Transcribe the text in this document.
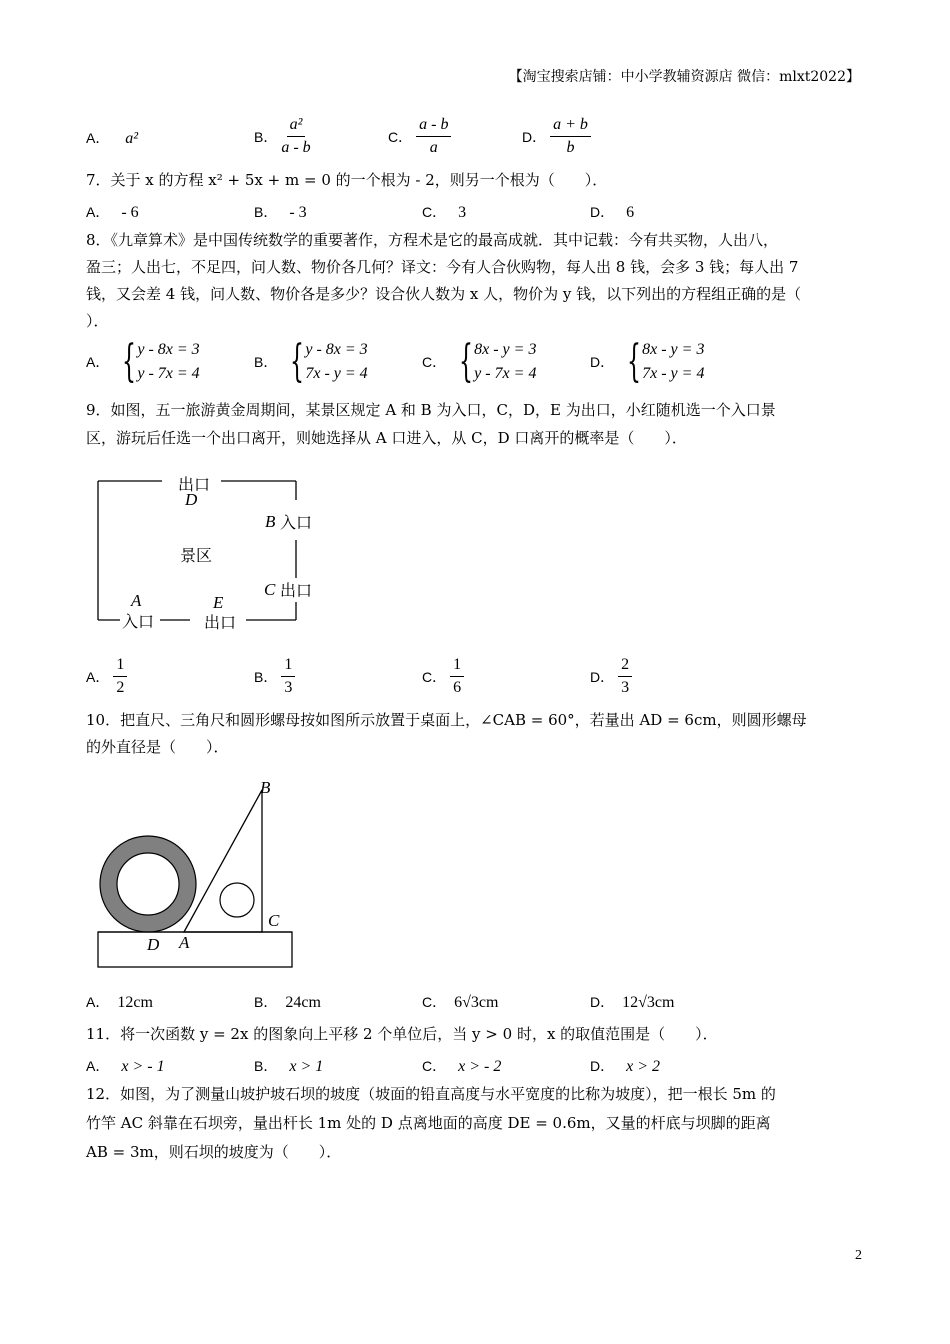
【淘宝搜索店铺：中小学教辅资源店 微信：mlxt2022】
A． a²	B． $\frac{\text{a²}}{a - b}$	C． $\frac{a - b}{a}$	D． $\frac{a + b}{b}$
7．关于 x 的方程 x² + 5x + m = 0 的一个根为 - 2，则另一个根为（　　）．
A． - 6	B． - 3	C． 3	D． 6
8．《九章算术》是中国传统数学的重要著作，方程术是它的最高成就．其中记载：今有共买物，人出八，
盈三；人出七，不足四，问人数、物价各几何？译文：今有人合伙购物，每人出 8 钱，会多 3 钱；每人出 7
钱，又会差 4 钱，问人数、物价各是多少？设合伙人数为 x 人，物价为 y 钱，以下列出的方程组正确的是（
）．
A． { y - 8x = 3
y - 7x = 4
B． { y - 8x = 3
7x - y = 4
C． { 8x - y = 3
y - 7x = 4
D． { 8x - y = 3
7x - y = 4
9．如图，五一旅游黄金周期间，某景区规定 A 和 B 为入口，C，D，E 为出口，小红随机选一个入口景
区，游玩后任选一个出口离开，则她选择从 A 口进入，从 C，D 口离开的概率是（　　）．
出口
D
B 入口
景区
C 出口
A	E
入口	出口
A． $\frac{1}{2}$	B． $\frac{1}{3}$	C． $\frac{1}{6}$	D． $\frac{2}{3}$
10．把直尺、三角尺和圆形螺母按如图所示放置于桌面上，∠CAB = 60°，若量出 AD = 6cm，则圆形螺母
的外直径是（　　）．
B
C
D A
A． 12cm	B． 24cm	C． 6√3cm	D． 12√3cm
11．将一次函数 y = 2x 的图象向上平移 2 个单位后，当 y > 0 时，x 的取值范围是（　　）．
A． x > - 1	B． x > 1	C． x > - 2	D． x > 2
12．如图，为了测量山坡护坡石坝的坡度（坡面的铅直高度与水平宽度的比称为坡度），把一根长 5m 的
竹竿 AC 斜靠在石坝旁，量出杆长 1m 处的 D 点离地面的高度 DE = 0.6m，又量的杆底与坝脚的距离
AB = 3m，则石坝的坡度为（　　）．
2
